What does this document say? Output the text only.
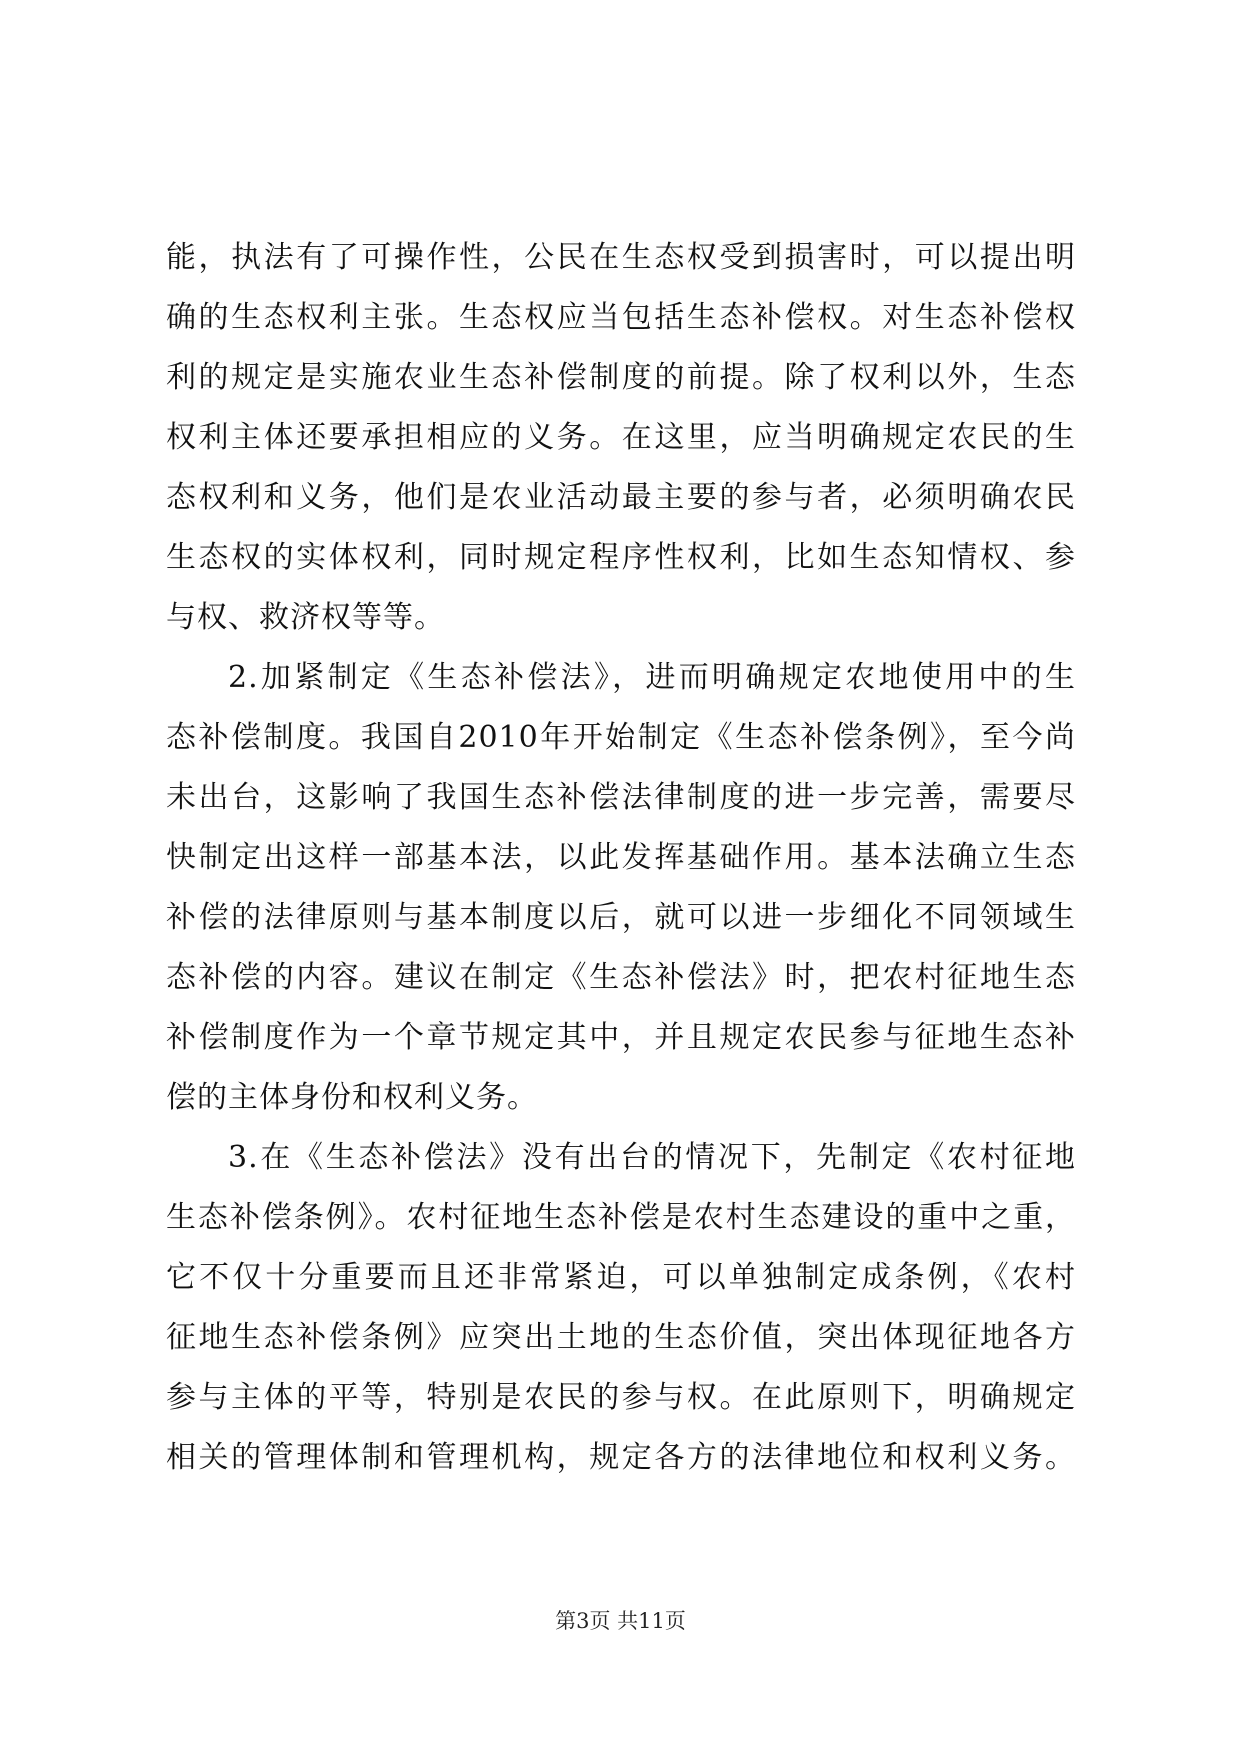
能，执法有了可操作性，公民在生态权受到损害时，可以提出明
确的生态权利主张。生态权应当包括生态补偿权。对生态补偿权
利的规定是实施农业生态补偿制度的前提。除了权利以外，生态
权利主体还要承担相应的义务。在这里，应当明确规定农民的生
态权利和义务，他们是农业活动最主要的参与者，必须明确农民
生态权的实体权利，同时规定程序性权利，比如生态知情权、参
与权、救济权等等。
2.加紧制定《生态补偿法》，进而明确规定农地使用中的生
态补偿制度。我国自2010年开始制定《生态补偿条例》，至今尚
未出台，这影响了我国生态补偿法律制度的进一步完善，需要尽
快制定出这样一部基本法，以此发挥基础作用。基本法确立生态
补偿的法律原则与基本制度以后，就可以进一步细化不同领域生
态补偿的内容。建议在制定《生态补偿法》时，把农村征地生态
补偿制度作为一个章节规定其中，并且规定农民参与征地生态补
偿的主体身份和权利义务。
3.在《生态补偿法》没有出台的情况下，先制定《农村征地
生态补偿条例》。农村征地生态补偿是农村生态建设的重中之重，
它不仅十分重要而且还非常紧迫，可以单独制定成条例，《农村
征地生态补偿条例》应突出土地的生态价值，突出体现征地各方
参与主体的平等，特别是农民的参与权。在此原则下，明确规定
相关的管理体制和管理机构，规定各方的法律地位和权利义务。
第3页 共11页
